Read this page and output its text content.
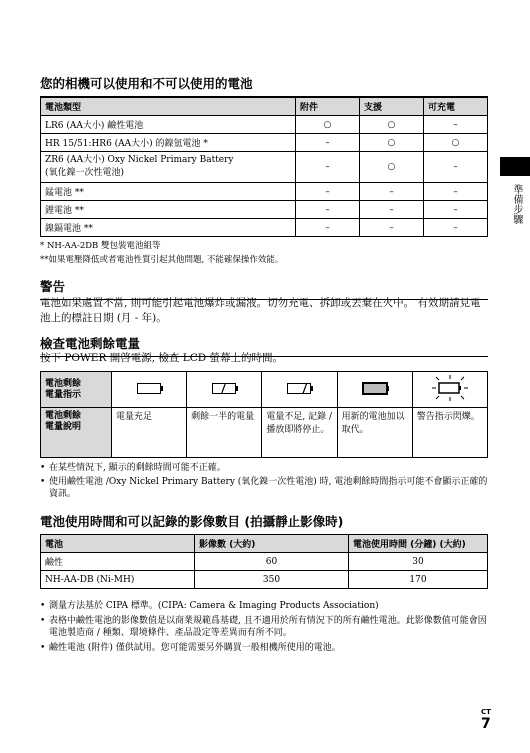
您的相機可以使用和不可以使用的電池
電池類型	附件	支援	可充電
LR6 (AA大小) 鹼性電池	○	○	–
HR 15/51:HR6 (AA大小) 的鎳氫電池 *	–	○	○

ZR6 (AA大小) Oxy Nickel Primary Battery
(氧化鎳一次性電池)	–	○	–
錳電池 **	–	–	–
鋰電池 **	–	–	–
鎳鎘電池 **	–	–	–
* NH-AA-2DB 雙包裝電池組等
**如果電壓降低或者電池性質引起其他問題, 不能確保操作效能。
警告
電池如果處置不當, 則可能引起電池爆炸或漏液。切勿充電、拆卸或丟棄在火中。 有效期請見電池上的標註日期 (月 - 年)。
檢查電池剩餘電量
按下 POWER 開啓電源, 檢查 LCD 螢幕上的時間。
電池剩餘
電量指示					
電池剩餘
電量說明	電量充足	剩餘一半的電量	電量不足, 記錄 / 播放即將停止。	用新的電池加以取代。	警告指示閃爍。
• 在某些情況下, 顯示的剩餘時間可能不正確。
• 使用鹼性電池 /Oxy Nickel Primary Battery (氧化鎳一次性電池) 時, 電池剩餘時間指示可能不會顯示正確的資訊。
電池使用時間和可以記錄的影像數目 (拍攝靜止影像時)
電池	影像數 (大約)	電池使用時間 (分鐘) (大約)
鹼性	60	30
NH-AA-DB (Ni-MH)	350	170
• 測量方法基於 CIPA 標準。(CIPA: Camera & Imaging Products Association)
• 表格中鹼性電池的影像數值是以商業規範爲基礎, 且不適用於所有情況下的所有鹼性電池。此影像數值可能會因電池製造商 / 種類、環境條件、產品設定等差異而有所不同。
• 鹼性電池 (附件) 僅供試用。您可能需要另外購買一般相機所使用的電池。
準備步驟
CT
7
